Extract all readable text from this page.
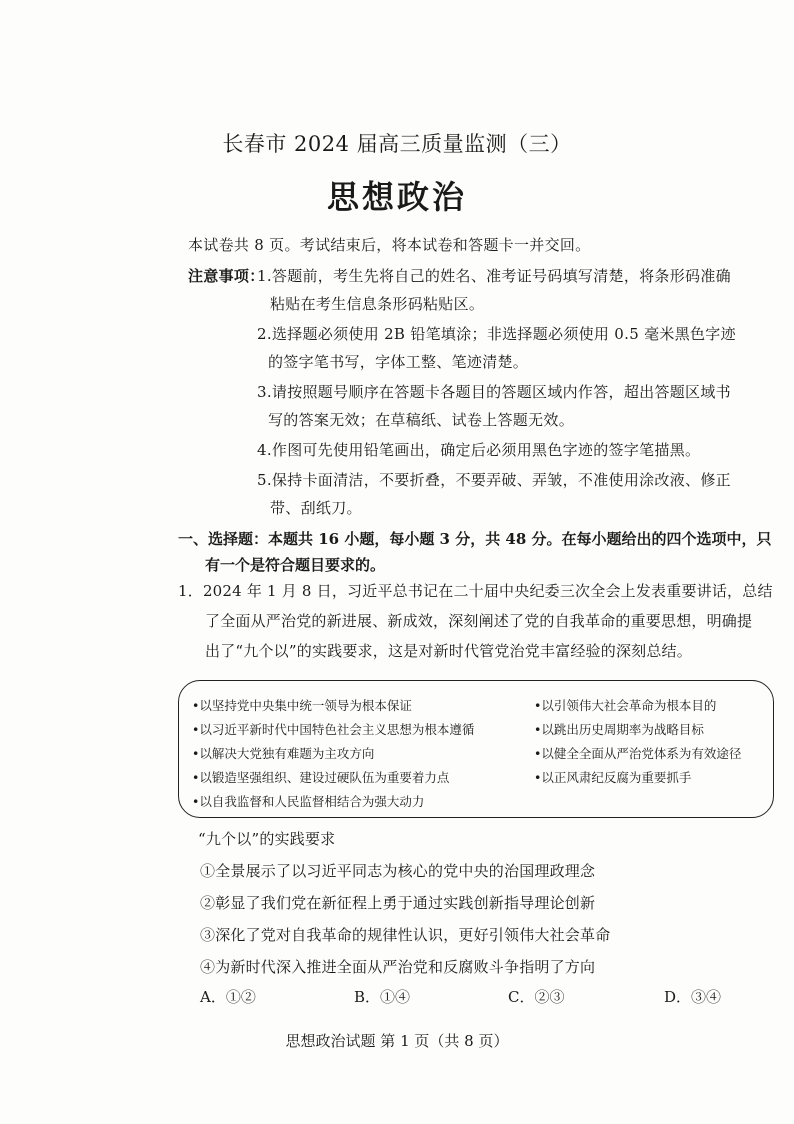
长春市 2024 届高三质量监测（三）
思想政治
本试卷共 8 页。考试结束后，将本试卷和答题卡一并交回。
注意事项：
1.答题前，考生先将自己的姓名、准考证号码填写清楚，将条形码准确
粘贴在考生信息条形码粘贴区。
2.选择题必须使用 2B 铅笔填涂；非选择题必须使用 0.5 毫米黑色字迹
的签字笔书写，字体工整、笔迹清楚。
3.请按照题号顺序在答题卡各题目的答题区域内作答，超出答题区域书
写的答案无效；在草稿纸、试卷上答题无效。
4.作图可先使用铅笔画出，确定后必须用黑色字迹的签字笔描黑。
5.保持卡面清洁，不要折叠，不要弄破、弄皱，不准使用涂改液、修正
带、刮纸刀。
一、选择题：本题共 16 小题，每小题 3 分，共 48 分。在每小题给出的四个选项中，只
有一个是符合题目要求的。
1．2024 年 1 月 8 日，习近平总书记在二十届中央纪委三次全会上发表重要讲话，总结
了全面从严治党的新进展、新成效，深刻阐述了党的自我革命的重要思想，明确提
出了“九个以”的实践要求，这是对新时代管党治党丰富经验的深刻总结。
•以坚持党中央集中统一领导为根本保证
•以习近平新时代中国特色社会主义思想为根本遵循
•以解决大党独有难题为主攻方向
•以锻造坚强组织、建设过硬队伍为重要着力点
•以自我监督和人民监督相结合为强大动力
•以引领伟大社会革命为根本目的
•以跳出历史周期率为战略目标
•以健全全面从严治党体系为有效途径
•以正风肃纪反腐为重要抓手
“九个以”的实践要求
①全景展示了以习近平同志为核心的党中央的治国理政理念
②彰显了我们党在新征程上勇于通过实践创新指导理论创新
③深化了党对自我革命的规律性认识，更好引领伟大社会革命
④为新时代深入推进全面从严治党和反腐败斗争指明了方向
A．①②	B．①④	C．②③	D．③④
思想政治试题 第 1 页（共 8 页）
